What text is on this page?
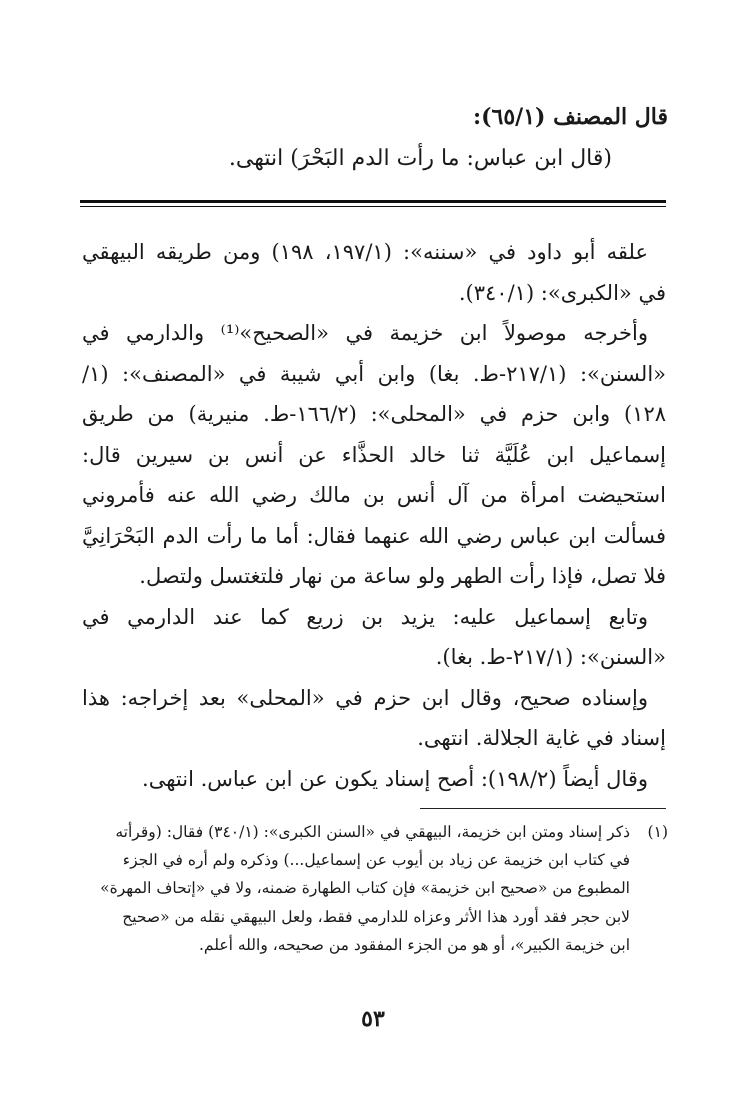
قال المصنف (٦٥/١):
(قال ابن عباس: ما رأت الدم البَحْرَ) انتهى.
علقه أبو داود في «سننه»: (١٩٧/١، ١٩٨) ومن طريقه البيهقي
في «الكبرى»: (٣٤٠/١).
وأخرجه موصولاً ابن خزيمة في «الصحيح»⁽¹⁾ والدارمي في
«السنن»: (٢١٧/١-ط. بغا) وابن أبي شيبة في «المصنف»: (١/
١٢٨) وابن حزم في «المحلى»: (١٦٦/٢-ط. منيرية) من طريق
إسماعيل ابن عُلَيَّة ثنا خالد الحذَّاء عن أنس بن سيرين قال:
استحيضت امرأة من آل أنس بن مالك رضي الله عنه فأمروني
فسألت ابن عباس رضي الله عنهما فقال: أما ما رأت الدم البَحْرَانِيَّ
فلا تصل، فإذا رأت الطهر ولو ساعة من نهار فلتغتسل ولتصل.
وتابع إسماعيل عليه: يزيد بن زريع كما عند الدارمي في
«السنن»: (٢١٧/١-ط. بغا).
وإسناده صحيح، وقال ابن حزم في «المحلى» بعد إخراجه: هذا
إسناد في غاية الجلالة. انتهى.
وقال أيضاً (١٩٨/٢): أصح إسناد يكون عن ابن عباس. انتهى.
(١)ذكر إسناد ومتن ابن خزيمة، البيهقي في «السنن الكبرى»: (٣٤٠/١) فقال: (وقرأته
في كتاب ابن خزيمة عن زياد بن أيوب عن إسماعيل...) وذكره ولم أره في الجزء
المطبوع من «صحيح ابن خزيمة» فإن كتاب الطهارة ضمنه، ولا في «إتحاف المهرة»
لابن حجر فقد أورد هذا الأثر وعزاه للدارمي فقط، ولعل البيهقي نقله من «صحيح
ابن خزيمة الكبير»، أو هو من الجزء المفقود من صحيحه، والله أعلم.
٥٣
